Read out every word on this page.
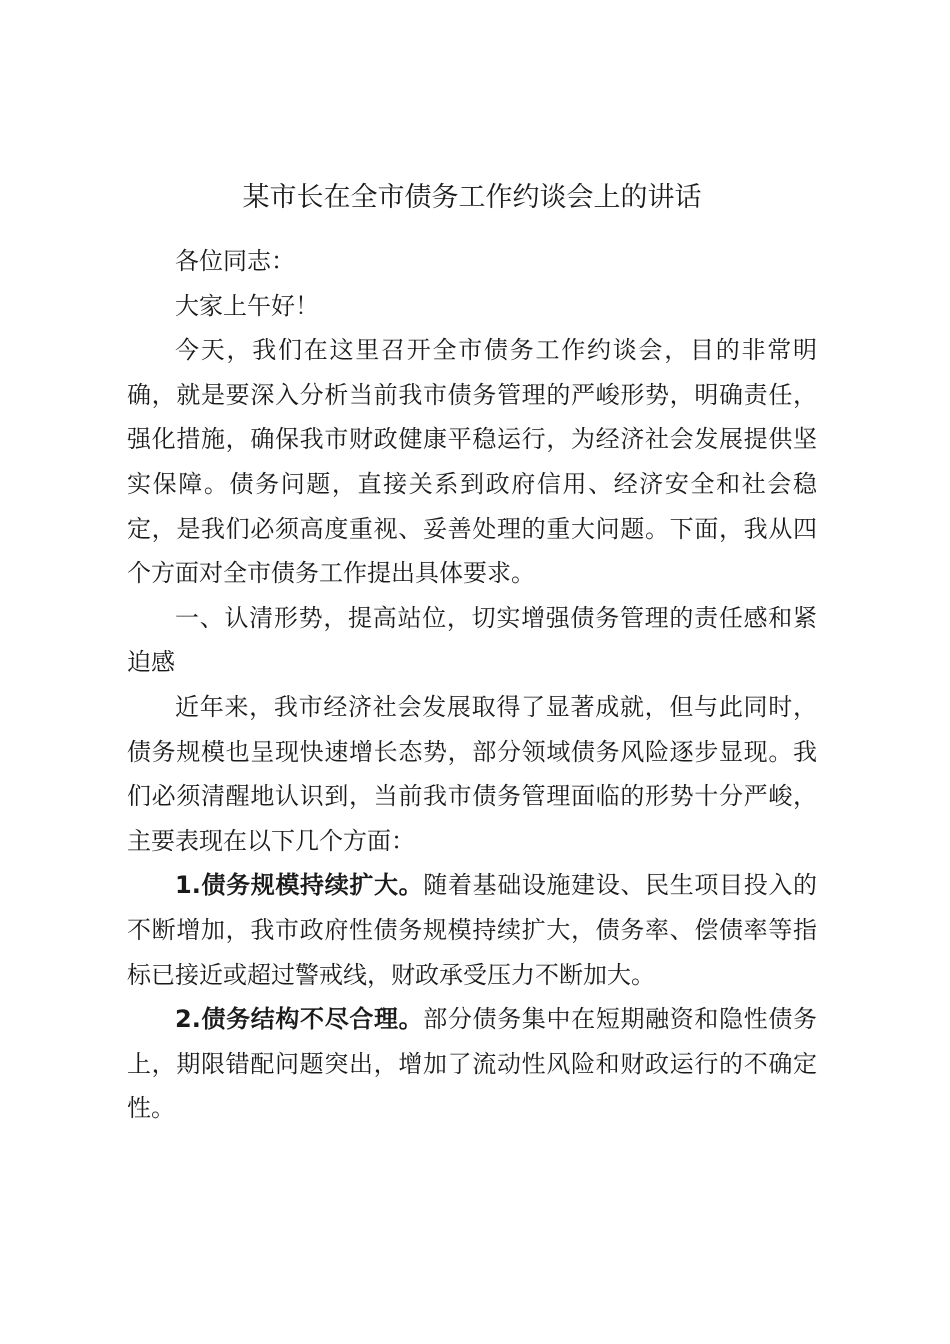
某市长在全市债务工作约谈会上的讲话

各位同志：

大家上午好！

今天，我们在这里召开全市债务工作约谈会，目的非常明确，就是要深入分析当前我市债务管理的严峻形势，明确责任，强化措施，确保我市财政健康平稳运行，为经济社会发展提供坚实保障。债务问题，直接关系到政府信用、经济安全和社会稳定，是我们必须高度重视、妥善处理的重大问题。下面，我从四个方面对全市债务工作提出具体要求。

一、认清形势，提高站位，切实增强债务管理的责任感和紧迫感

近年来，我市经济社会发展取得了显著成就，但与此同时，债务规模也呈现快速增长态势，部分领域债务风险逐步显现。我们必须清醒地认识到，当前我市债务管理面临的形势十分严峻，主要表现在以下几个方面：

1.债务规模持续扩大。随着基础设施建设、民生项目投入的不断增加，我市政府性债务规模持续扩大，债务率、偿债率等指标已接近或超过警戒线，财政承受压力不断加大。

2.债务结构不尽合理。部分债务集中在短期融资和隐性债务上，期限错配问题突出，增加了流动性风险和财政运行的不确定性。
